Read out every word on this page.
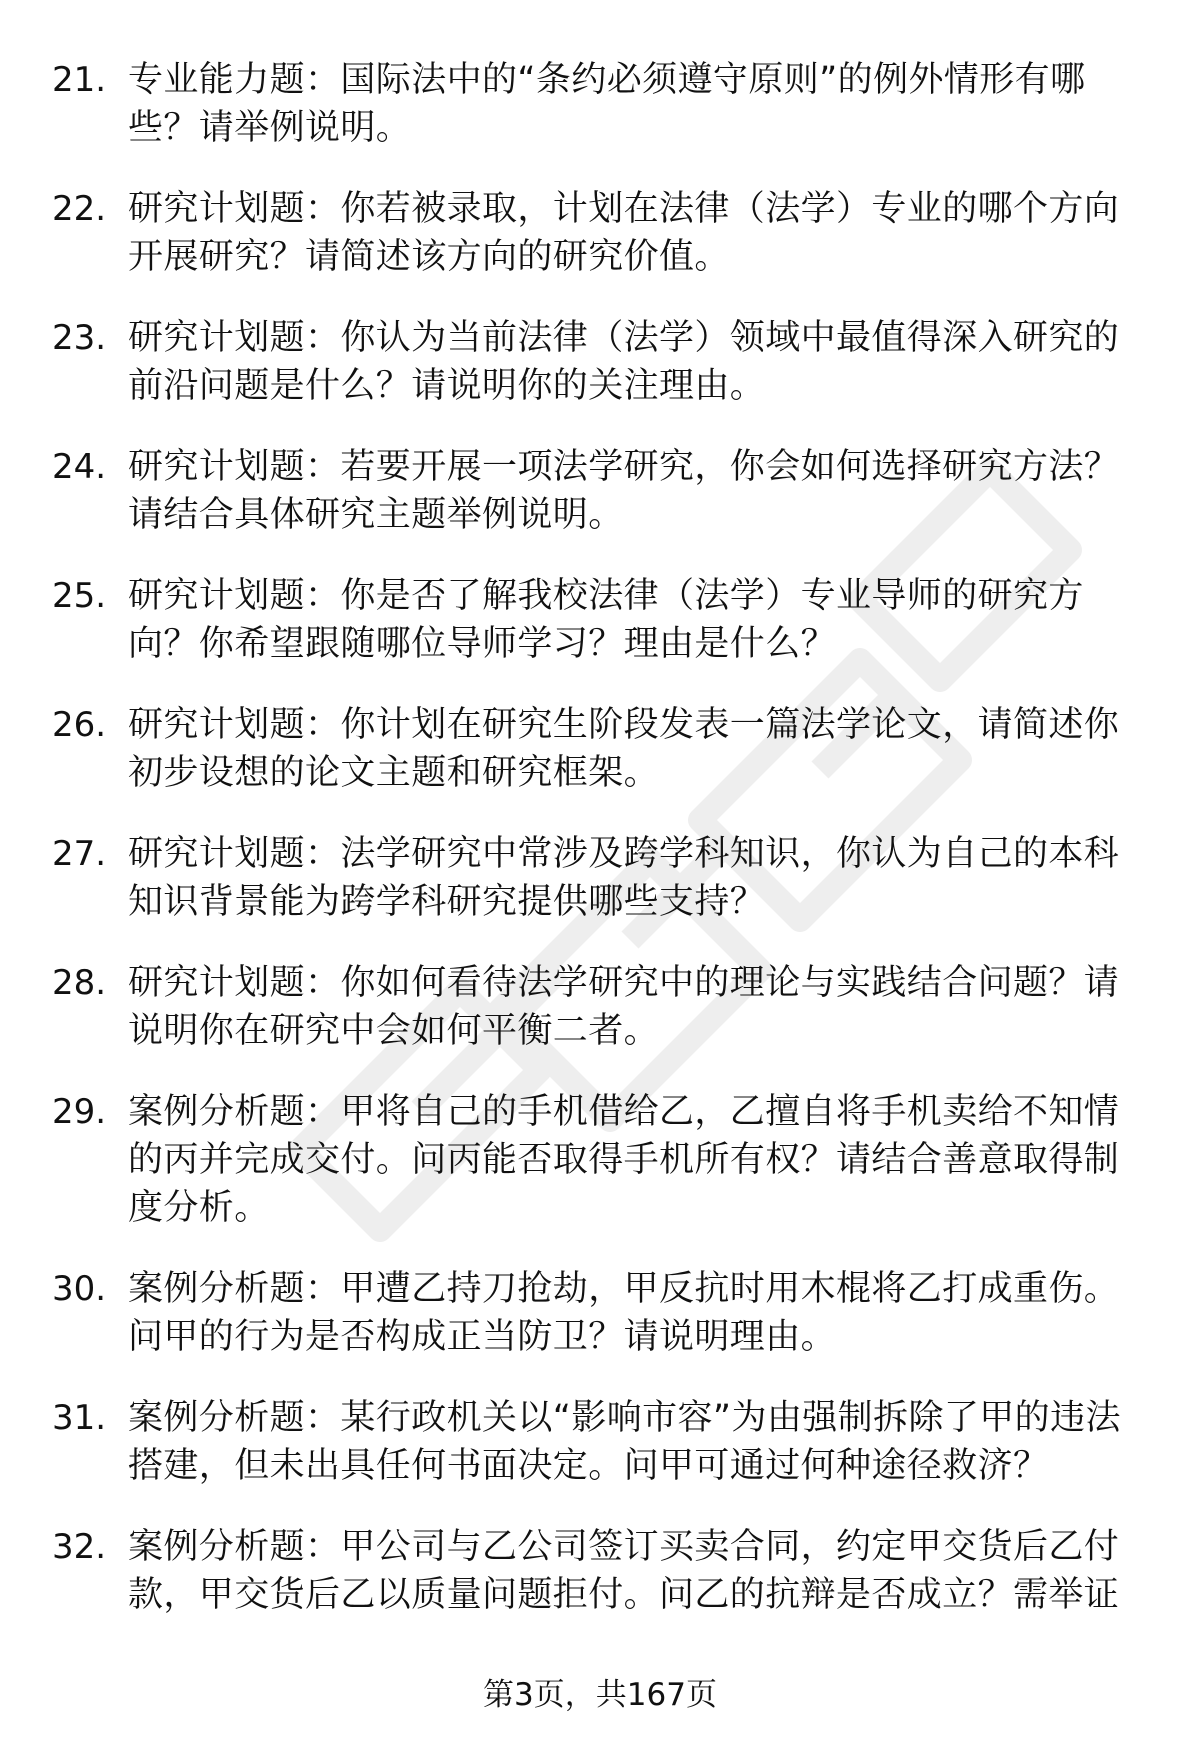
21. 专业能力题：国际法中的“条约必须遵守原则”的例外情形有哪些？请举例说明。
22. 研究计划题：你若被录取，计划在法律（法学）专业的哪个方向开展研究？请简述该方向的研究价值。
23. 研究计划题：你认为当前法律（法学）领域中最值得深入研究的前沿问题是什么？请说明你的关注理由。
24. 研究计划题：若要开展一项法学研究，你会如何选择研究方法？请结合具体研究主题举例说明。
25. 研究计划题：你是否了解我校法律（法学）专业导师的研究方向？你希望跟随哪位导师学习？理由是什么？
26. 研究计划题：你计划在研究生阶段发表一篇法学论文，请简述你初步设想的论文主题和研究框架。
27. 研究计划题：法学研究中常涉及跨学科知识，你认为自己的本科知识背景能为跨学科研究提供哪些支持？
28. 研究计划题：你如何看待法学研究中的理论与实践结合问题？请说明你在研究中会如何平衡二者。
29. 案例分析题：甲将自己的手机借给乙，乙擅自将手机卖给不知情的丙并完成交付。问丙能否取得手机所有权？请结合善意取得制度分析。
30. 案例分析题：甲遭乙持刀抢劫，甲反抗时用木棍将乙打成重伤。问甲的行为是否构成正当防卫？请说明理由。
31. 案例分析题：某行政机关以“影响市容”为由强制拆除了甲的违法搭建，但未出具任何书面决定。问甲可通过何种途径救济？
32. 案例分析题：甲公司与乙公司签订买卖合同，约定甲交货后乙付款，甲交货后乙以质量问题拒付。问乙的抗辩是否成立？需举证
第3页，共167页
